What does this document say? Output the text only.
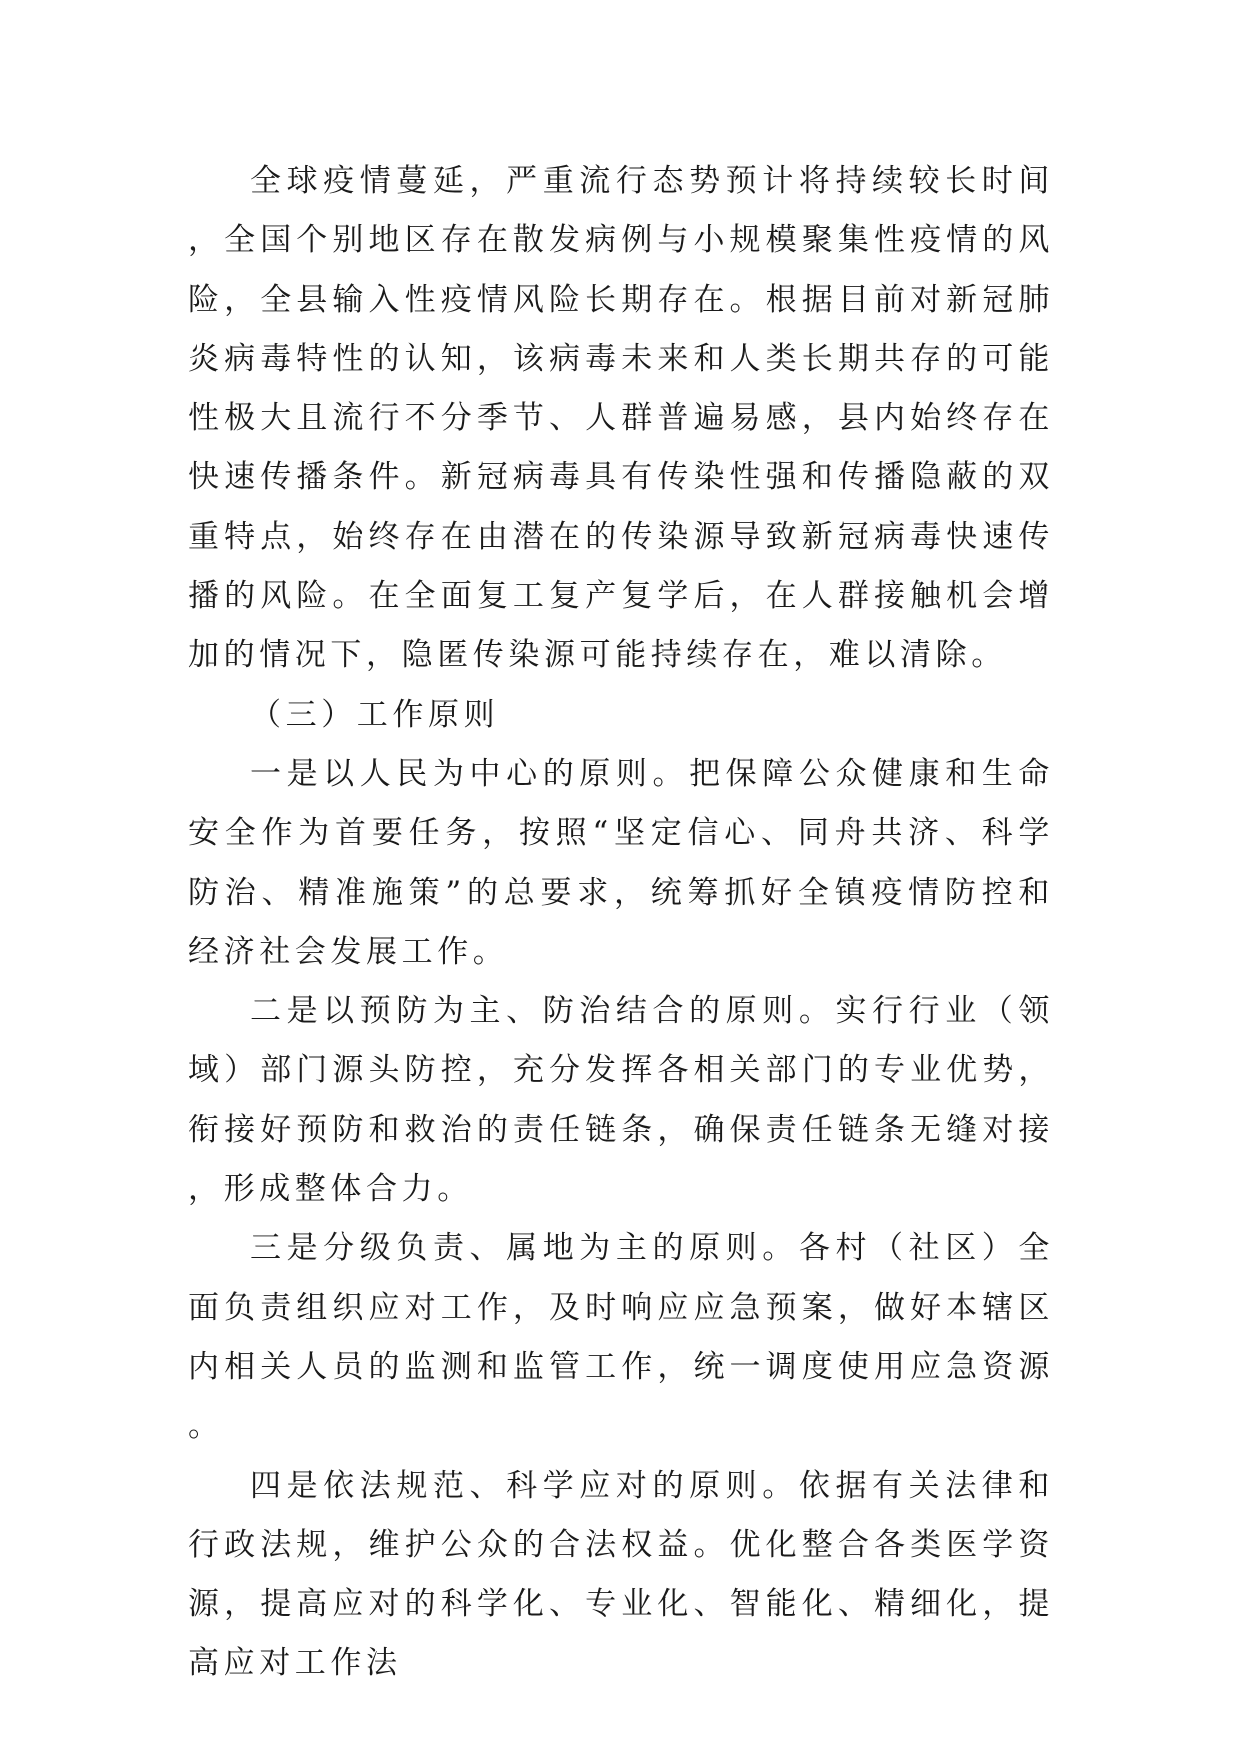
全球疫情蔓延，严重流行态势预计将持续较长时间，全国个别地区存在散发病例与小规模聚集性疫情的风险，全县输入性疫情风险长期存在。根据目前对新冠肺炎病毒特性的认知，该病毒未来和人类长期共存的可能性极大且流行不分季节、人群普遍易感，县内始终存在快速传播条件。新冠病毒具有传染性强和传播隐蔽的双重特点，始终存在由潜在的传染源导致新冠病毒快速传播的风险。在全面复工复产复学后，在人群接触机会增加的情况下，隐匿传染源可能持续存在，难以清除。

（三）工作原则

一是以人民为中心的原则。把保障公众健康和生命安全作为首要任务，按照“坚定信心、同舟共济、科学防治、精准施策”的总要求，统筹抓好全镇疫情防控和经济社会发展工作。

二是以预防为主、防治结合的原则。实行行业（领域）部门源头防控，充分发挥各相关部门的专业优势，衔接好预防和救治的责任链条，确保责任链条无缝对接，形成整体合力。

三是分级负责、属地为主的原则。各村（社区）全面负责组织应对工作，及时响应应急预案，做好本辖区内相关人员的监测和监管工作，统一调度使用应急资源。

四是依法规范、科学应对的原则。依据有关法律和行政法规，维护公众的合法权益。优化整合各类医学资源，提高应对的科学化、专业化、智能化、精细化，提高应对工作法
